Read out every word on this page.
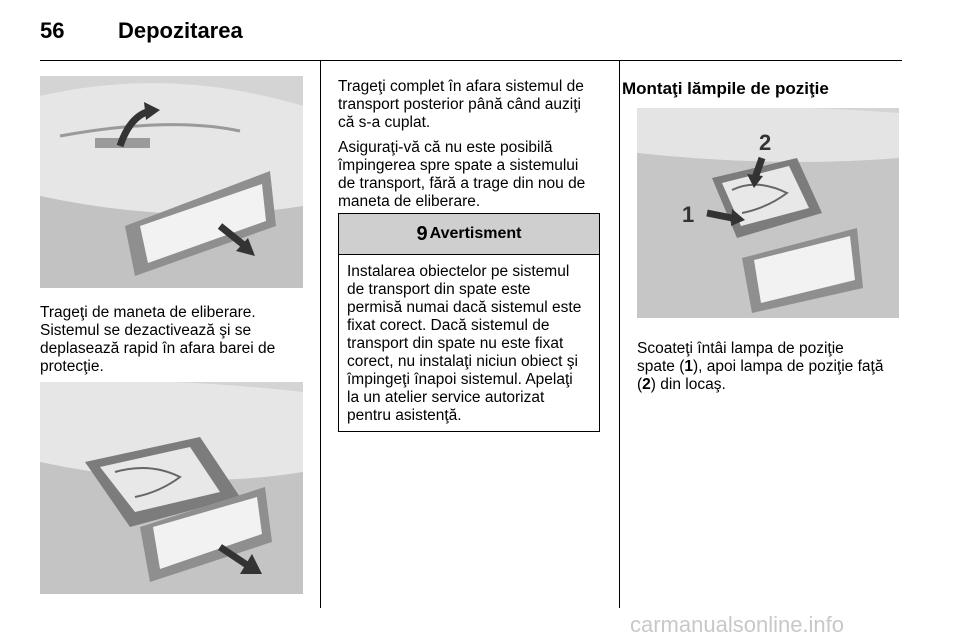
56 Depozitarea

Trageţi de maneta de eliberare.
Sistemul se dezactivează şi se
deplasează rapid în afara barei de
protecţie.

Trageţi complet în afara sistemul de
transport posterior până când auziţi
că s-a cuplat.

Asiguraţi-vă că nu este posibilă
împingerea spre spate a sistemului
de transport, fără a trage din nou de
maneta de eliberare.

9 Avertisment
Instalarea obiectelor pe sistemul
de transport din spate este
permisă numai dacă sistemul este
fixat corect. Dacă sistemul de
transport din spate nu este fixat
corect, nu instalaţi niciun obiect şi
împingeţi înapoi sistemul. Apelaţi
la un atelier service autorizat
pentru asistenţă.
Montaţi lămpile de poziţie
1
2

Scoateţi întâi lampa de poziţie
spate (1), apoi lampa de poziţie faţă
(2) din locaş.

carmanualsonline.info
